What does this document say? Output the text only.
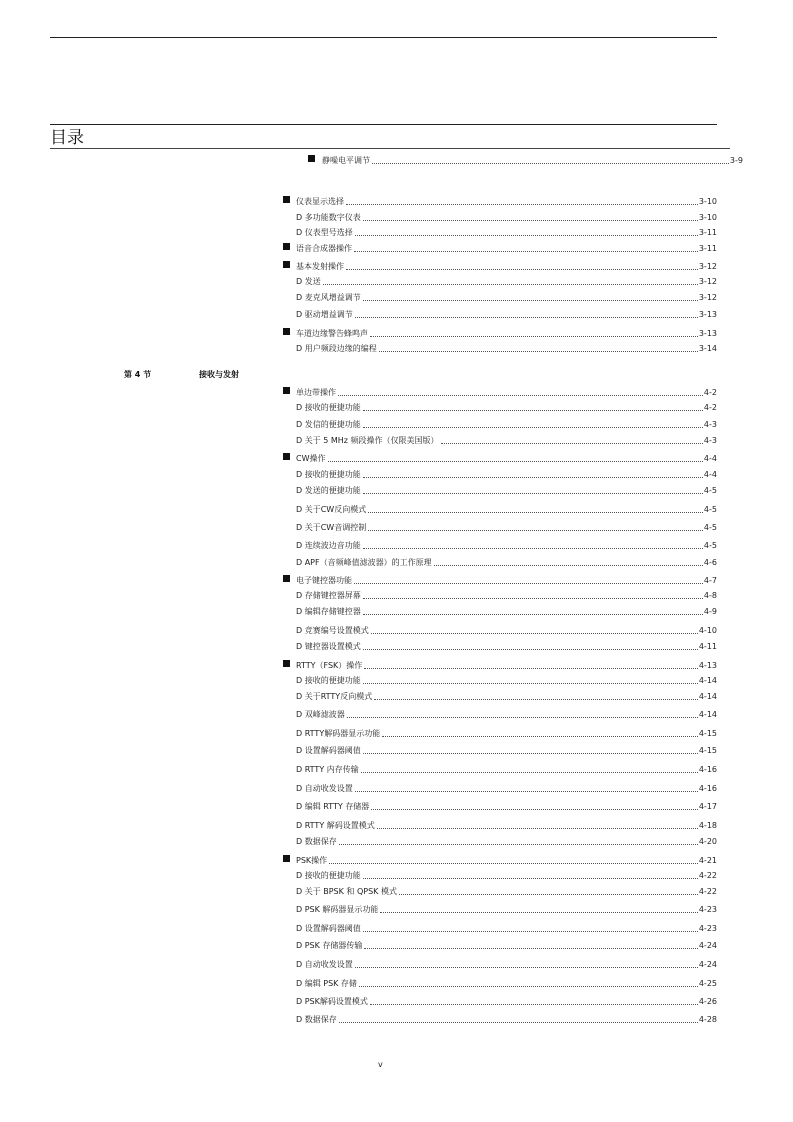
目录
第 4 节	接收与发射
静噪电平调节	3-9
仪表显示选择	3-10
D 多功能数字仪表	3-10
D 仪表型号选择	3-11
语音合成器操作	3-11
基本发射操作	3-12
D 发送	3-12
D 麦克风增益调节	3-12
D 驱动增益调节	3-13
车道边缘警告蜂鸣声	3-13
D 用户频段边缘的编程	3-14
单边带操作	4-2
D 接收的便捷功能	4-2
D 发信的便捷功能	4-3
D 关于 5 MHz 频段操作（仅限美国版）	4-3
CW操作	4-4
D 接收的便捷功能	4-4
D 发送的便捷功能	4-5
D 关于CW反向模式	4-5
D 关于CW音调控制	4-5
D 连续波边音功能	4-5
D APF（音频峰值滤波器）的工作原理	4-6
电子键控器功能	4-7
D 存储键控器屏幕	4-8
D 编辑存储键控器	4-9
D 竞赛编号设置模式	4-10
D 键控器设置模式	4-11
RTTY（FSK）操作	4-13
D 接收的便捷功能	4-14
D 关于RTTY反向模式	4-14
D 双峰滤波器	4-14
D RTTY解码器显示功能	4-15
D 设置解码器阈值	4-15
D RTTY 内存传输	4-16
D 自动收发设置	4-16
D 编辑 RTTY 存储器	4-17
D RTTY 解码设置模式	4-18
D 数据保存	4-20
PSK操作	4-21
D 接收的便捷功能	4-22
D 关于 BPSK 和 QPSK 模式	4-22
D PSK 解码器显示功能	4-23
D 设置解码器阈值	4-23
D PSK 存储器传输	4-24
D 自动收发设置	4-24
D 编辑 PSK 存储	4-25
D PSK解码设置模式	4-26
D 数据保存	4-28
v
